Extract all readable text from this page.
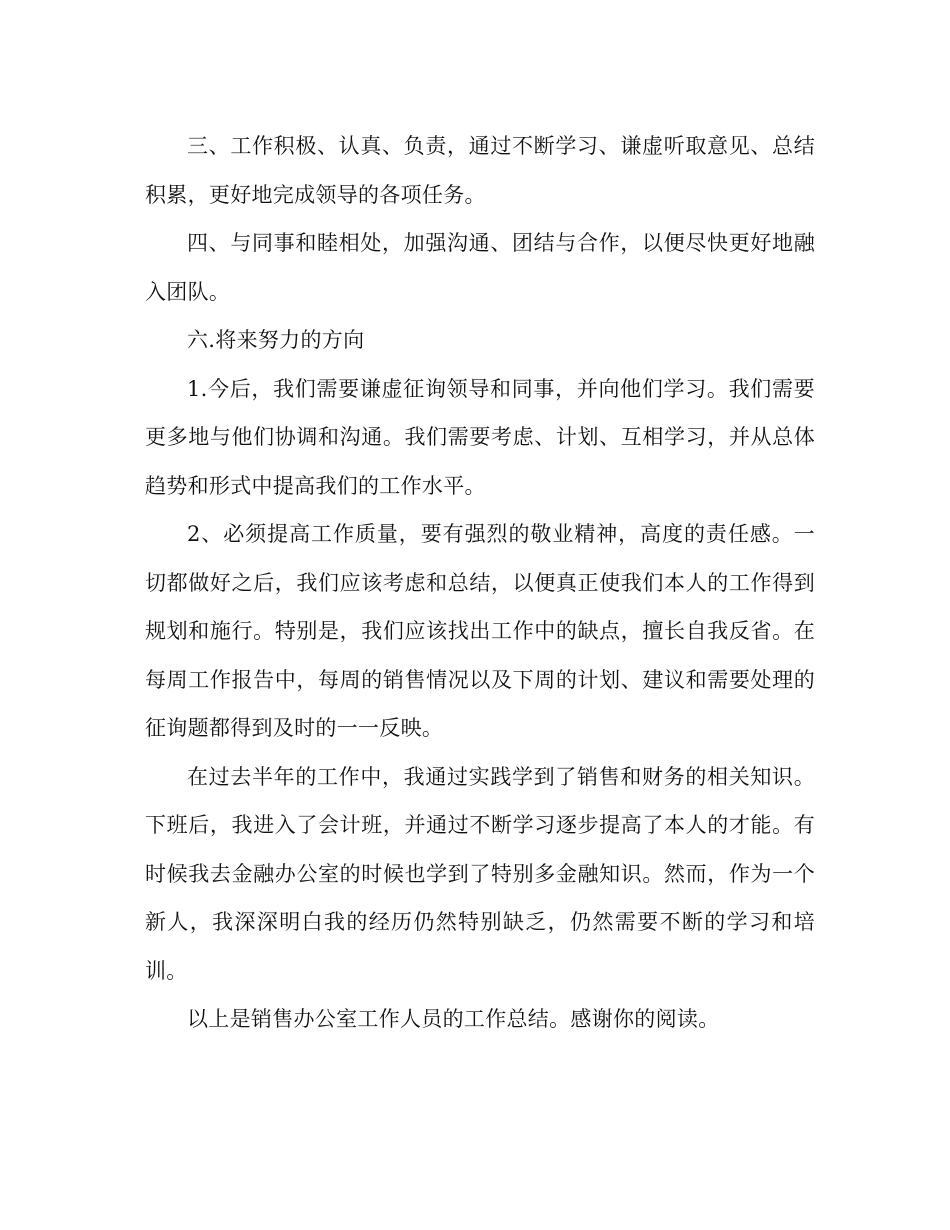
三、工作积极、认真、负责，通过不断学习、谦虚听取意见、总结积累，更好地完成领导的各项任务。

四、与同事和睦相处，加强沟通、团结与合作，以便尽快更好地融入团队。

六.将来努力的方向

1.今后，我们需要谦虚征询领导和同事，并向他们学习。我们需要更多地与他们协调和沟通。我们需要考虑、计划、互相学习，并从总体趋势和形式中提高我们的工作水平。

2、必须提高工作质量，要有强烈的敬业精神，高度的责任感。一切都做好之后，我们应该考虑和总结，以便真正使我们本人的工作得到规划和施行。特别是，我们应该找出工作中的缺点，擅长自我反省。在每周工作报告中，每周的销售情况以及下周的计划、建议和需要处理的征询题都得到及时的一一反映。

在过去半年的工作中，我通过实践学到了销售和财务的相关知识。下班后，我进入了会计班，并通过不断学习逐步提高了本人的才能。有时候我去金融办公室的时候也学到了特别多金融知识。然而，作为一个新人，我深深明白我的经历仍然特别缺乏，仍然需要不断的学习和培训。

以上是销售办公室工作人员的工作总结。感谢你的阅读。
